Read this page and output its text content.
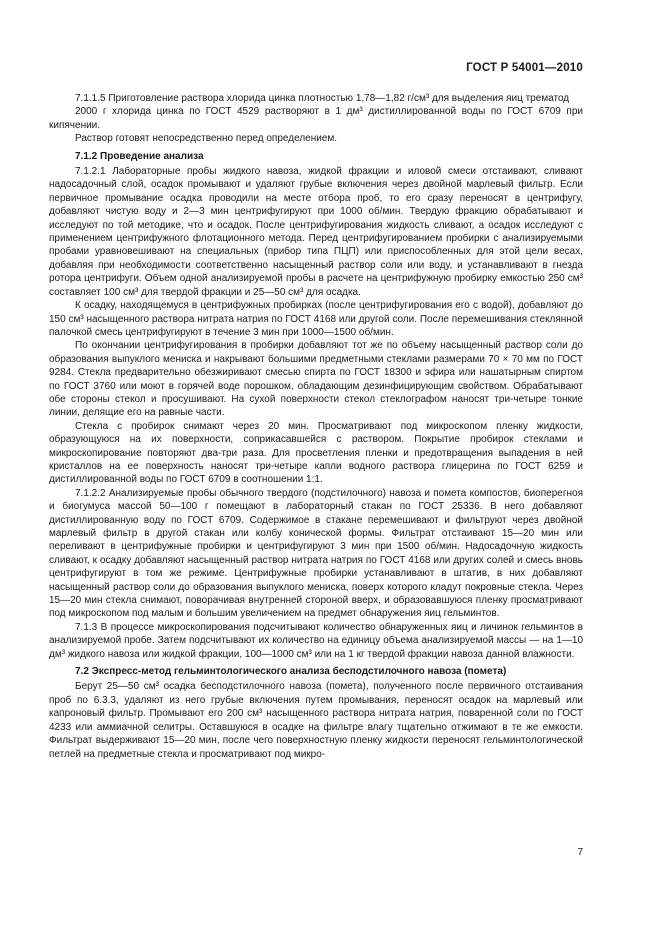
ГОСТ Р 54001—2010

7.1.1.5 Приготовление раствора хлорида цинка плотностью 1,78—1,82 г/см³ для выделения яиц трематод

2000 г хлорида цинка по ГОСТ 4529 растворяют в 1 дм³ дистиллированной воды по ГОСТ 6709 при кипячении.

Раствор готовят непосредственно перед определением.

7.1.2 Проведение анализа

7.1.2.1 Лабораторные пробы жидкого навоза, жидкой фракции и иловой смеси отстаивают, сливают надосадочный слой, осадок промывают и удаляют грубые включения через двойной марлевый фильтр. Если первичное промывание осадка проводили на месте отбора проб, то его сразу переносят в центрифугу, добавляют чистую воду и 2—3 мин центрифугируют при 1000 об/мин. Твердую фракцию обрабатывают и исследуют по той методике, что и осадок. После центрифугирования жидкость сливают, а осадок исследуют с применением центрифужного флотационного метода. Перед центрифугированием пробирки с анализируемыми пробами уравновешивают на специальных (прибор типа ПЦП) или приспособленных для этой цели весах, добавляя при необходимости соответственно насыщенный раствор соли или воду, и устанавливают в гнезда ротора центрифуги. Объем одной анализируемой пробы в расчете на центрифужную пробирку емкостью 250 см³ составляет 100 см³ для твердой фракции и 25—50 см³ для осадка.

К осадку, находящемуся в центрифужных пробирках (после центрифугирования его с водой), добавляют до 150 см³ насыщенного раствора нитрата натрия по ГОСТ 4168 или другой соли. После перемешивания стеклянной палочкой смесь центрифугируют в течение 3 мин при 1000—1500 об/мин.

По окончании центрифугирования в пробирки добавляют тот же по объему насыщенный раствор соли до образования выпуклого мениска и накрывают большими предметными стеклами размерами 70 × 70 мм по ГОСТ 9284. Стекла предварительно обезжиривают смесью спирта по ГОСТ 18300 и эфира или нашатырным спиртом по ГОСТ 3760 или моют в горячей воде порошком, обладающим дезинфицирующим свойством. Обрабатывают обе стороны стекол и просушивают. На сухой поверхности стекол стеклографом наносят три-четыре тонкие линии, делящие его на равные части.

Стекла с пробирок снимают через 20 мин. Просматривают под микроскопом пленку жидкости, образующуюся на их поверхности, соприкасавшейся с раствором. Покрытие пробирок стеклами и микроскопирование повторяют два-три раза. Для просветления пленки и предотвращения выпадения в ней кристаллов на ее поверхность наносят три-четыре капли водного раствора глицерина по ГОСТ 6259 и дистиллированной воды по ГОСТ 6709 в соотношении 1:1.

7.1.2.2 Анализируемые пробы обычного твердого (подстилочного) навоза и помета компостов, биоперегноя и биогумуса массой 50—100 г помещают в лабораторный стакан по ГОСТ 25336. В него добавляют дистиллированную воду по ГОСТ 6709. Содержимое в стакане перемешивают и фильтруют через двойной марлевый фильтр в другой стакан или колбу конической формы. Фильтрат отстаивают 15—20 мин или переливают в центрифужные пробирки и центрифугируют 3 мин при 1500 об/мин. Надосадочную жидкость сливают, к осадку добавляют насыщенный раствор нитрата натрия по ГОСТ 4168 или других солей и смесь вновь центрифугируют в том же режиме. Центрифужные пробирки устанавливают в штатив, в них добавляют насыщенный раствор соли до образования выпуклого мениска, поверх которого кладут покровные стекла. Через 15—20 мин стекла снимают, поворачивая внутренней стороной вверх, и образовавшуюся пленку просматривают под микроскопом под малым и большим увеличением на предмет обнаружения яиц гельминтов.

7.1.3 В процессе микроскопирования подсчитывают количество обнаруженных яиц и личинок гельминтов в анализируемой пробе. Затем подсчитывают их количество на единицу объема анализируемой массы — на 1—10 дм³ жидкого навоза или жидкой фракции, 100—1000 см³ или на 1 кг твердой фракции навоза данной влажности.

7.2 Экспресс-метод гельминтологического анализа бесподстилочного навоза (помета)

Берут 25—50 см³ осадка бесподстилочного навоза (помета), полученного после первичного отстаивания проб по 6.3.3, удаляют из него грубые включения путем промывания, переносят осадок на марлевый или капроновый фильтр. Промывают его 200 см³ насыщенного раствора нитрата натрия, поваренной соли по ГОСТ 4233 или аммиачной селитры. Оставшуюся в осадке на фильтре влагу тщательно отжимают в те же емкости. Фильтрат выдерживают 15—20 мин, после чего поверхностную пленку жидкости переносят гельминтологической петлей на предметные стекла и просматривают под микро-

7
